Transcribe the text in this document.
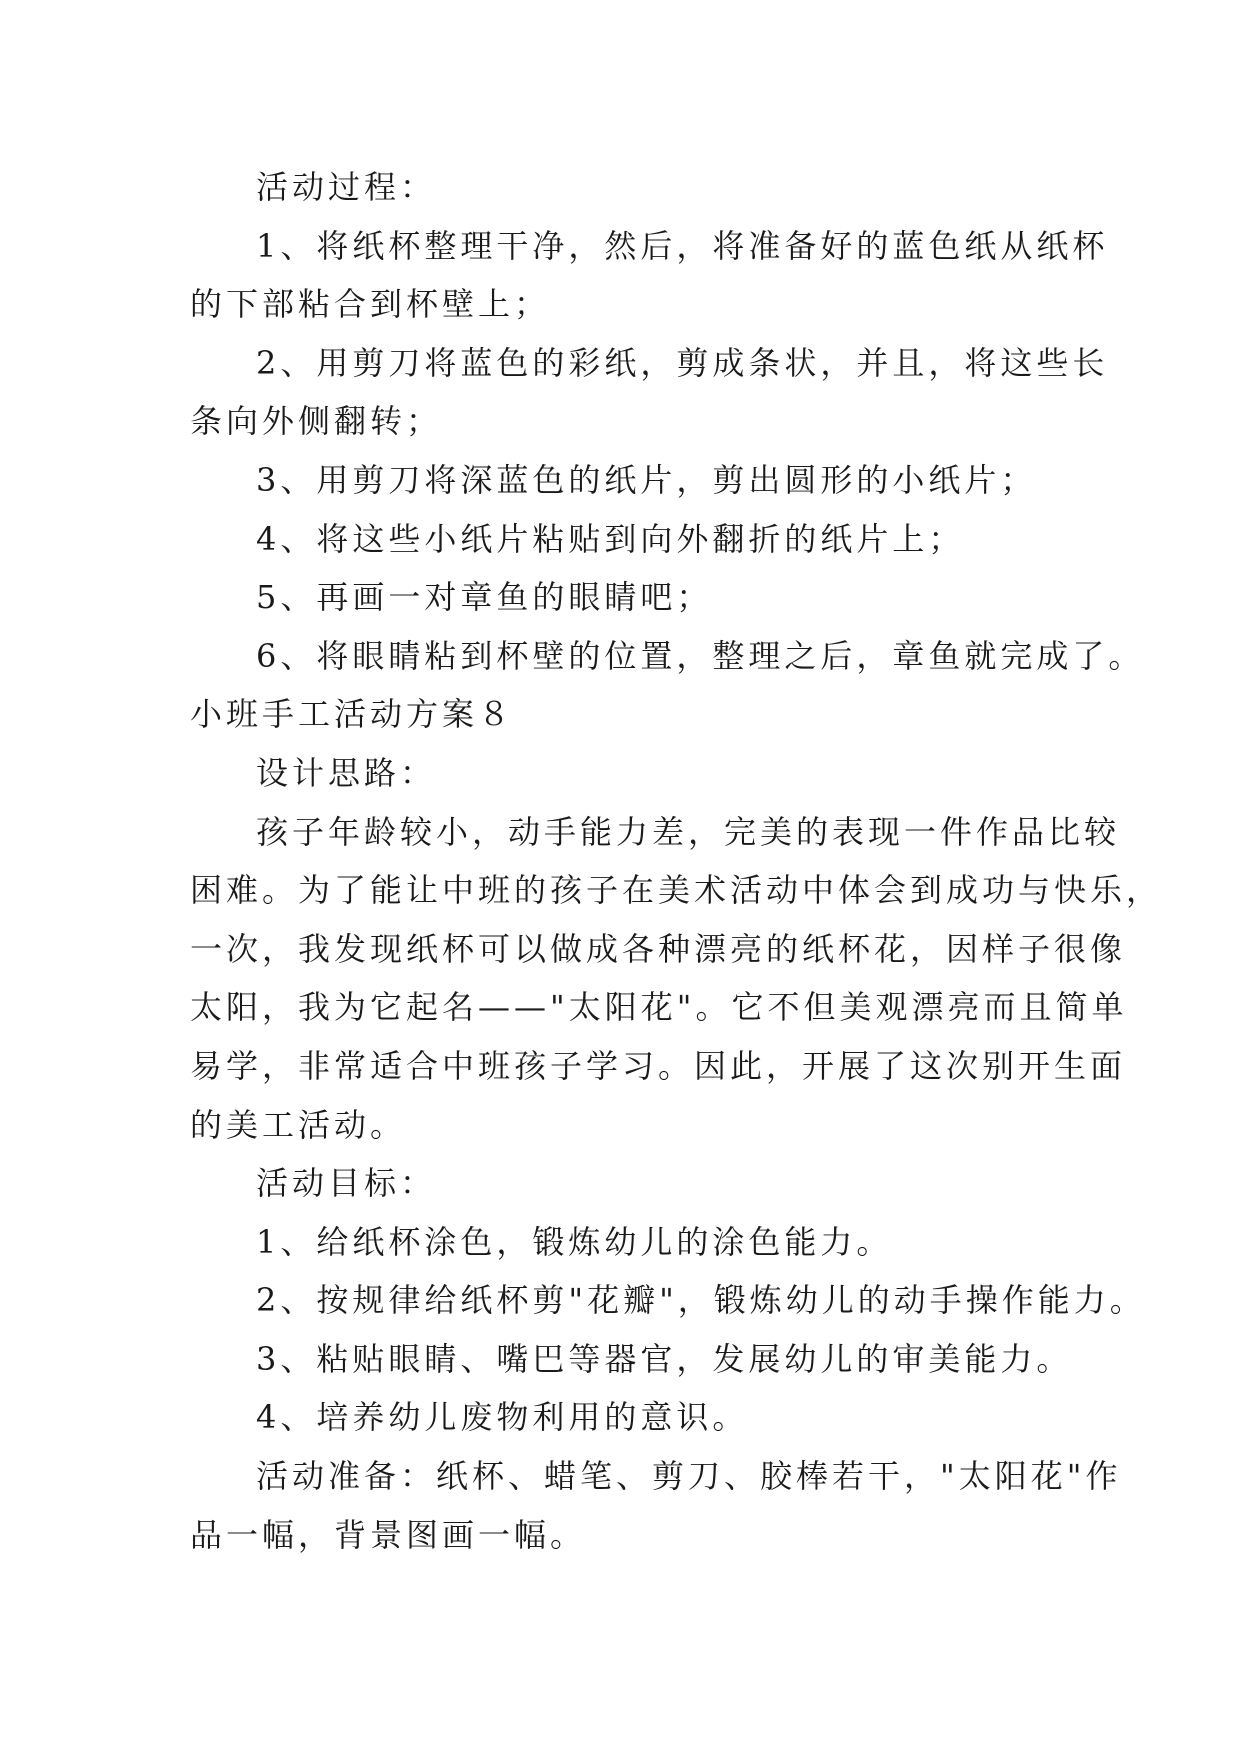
活动过程：

1、将纸杯整理干净，然后，将准备好的蓝色纸从纸杯

的下部粘合到杯壁上；

2、用剪刀将蓝色的彩纸，剪成条状，并且，将这些长

条向外侧翻转；

3、用剪刀将深蓝色的纸片，剪出圆形的小纸片；

4、将这些小纸片粘贴到向外翻折的纸片上；

5、再画一对章鱼的眼睛吧；

6、将眼睛粘到杯壁的位置，整理之后，章鱼就完成了。

小班手工活动方案８

设计思路：

孩子年龄较小，动手能力差，完美的表现一件作品比较

困难。为了能让中班的孩子在美术活动中体会到成功与快乐，

一次，我发现纸杯可以做成各种漂亮的纸杯花，因样子很像

太阳，我为它起名——"太阳花"。它不但美观漂亮而且简单

易学，非常适合中班孩子学习。因此，开展了这次别开生面

的美工活动。

活动目标：

1、给纸杯涂色，锻炼幼儿的涂色能力。

2、按规律给纸杯剪"花瓣"，锻炼幼儿的动手操作能力。

3、粘贴眼睛、嘴巴等器官，发展幼儿的审美能力。

4、培养幼儿废物利用的意识。

活动准备：纸杯、蜡笔、剪刀、胶棒若干，"太阳花"作

品一幅，背景图画一幅。
